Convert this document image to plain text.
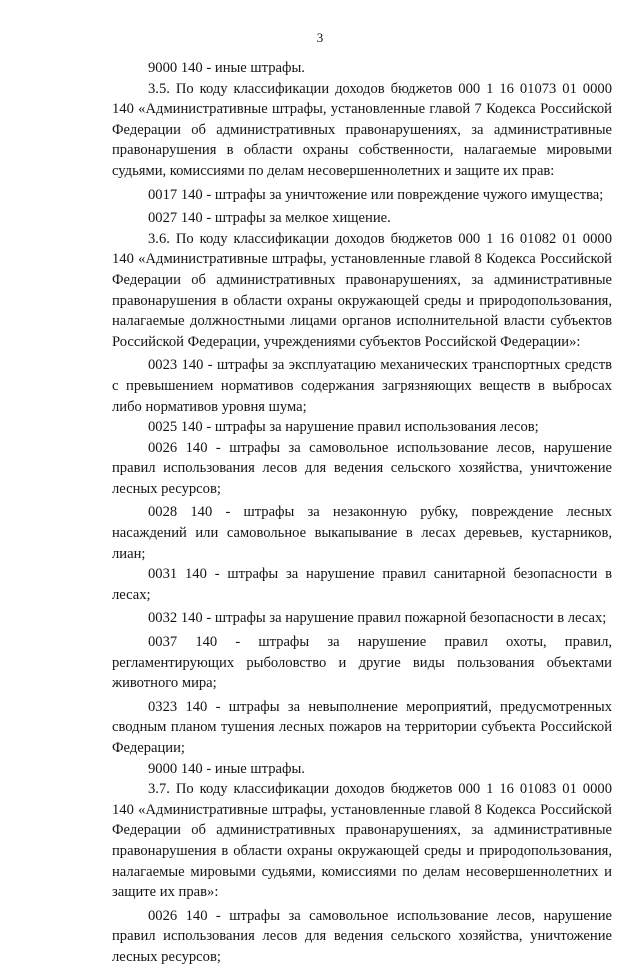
3

9000 140 - иные штрафы.

3.5. По коду классификации доходов бюджетов 000 1 16 01073 01 0000 140 «Административные штрафы, установленные главой 7 Кодекса Российской Федерации об административных правонарушениях, за административные правонарушения в области охраны собственности, налагаемые мировыми судьями, комиссиями по делам несовершеннолетних и защите их прав:

0017 140 - штрафы за уничтожение или повреждение чужого имущества;

0027 140 - штрафы за мелкое хищение.

3.6. По коду классификации доходов бюджетов 000 1 16 01082 01 0000 140 «Административные штрафы, установленные главой 8 Кодекса Российской Федерации об административных правонарушениях, за административные правонарушения в области охраны окружающей среды и природопользования, налагаемые должностными лицами органов исполнительной власти субъектов Российской Федерации, учреждениями субъектов Российской Федерации»:

0023 140 - штрафы за эксплуатацию механических транспортных средств с превышением нормативов содержания загрязняющих веществ в выбросах либо нормативов уровня шума;

0025 140 - штрафы за нарушение правил использования лесов;

0026 140 - штрафы за самовольное использование лесов, нарушение правил использования лесов для ведения сельского хозяйства, уничтожение лесных ресурсов;

0028 140 - штрафы за незаконную рубку, повреждение лесных насаждений или самовольное выкапывание в лесах деревьев, кустарников, лиан;

0031 140 - штрафы за нарушение правил санитарной безопасности в лесах;

0032 140 - штрафы за нарушение правил пожарной безопасности в лесах;

0037 140 - штрафы за нарушение правил охоты, правил, регламентирующих рыболовство и другие виды пользования объектами животного мира;

0323 140 - штрафы за невыполнение мероприятий, предусмотренных сводным планом тушения лесных пожаров на территории субъекта Российской Федерации;

9000 140 - иные штрафы.

3.7. По коду классификации доходов бюджетов 000 1 16 01083 01 0000 140 «Административные штрафы, установленные главой 8 Кодекса Российской Федерации об административных правонарушениях, за административные правонарушения в области охраны окружающей среды и природопользования, налагаемые мировыми судьями, комиссиями по делам несовершеннолетних и защите их прав»:

0026 140 - штрафы за самовольное использование лесов, нарушение правил использования лесов для ведения сельского хозяйства, уничтожение лесных ресурсов;
